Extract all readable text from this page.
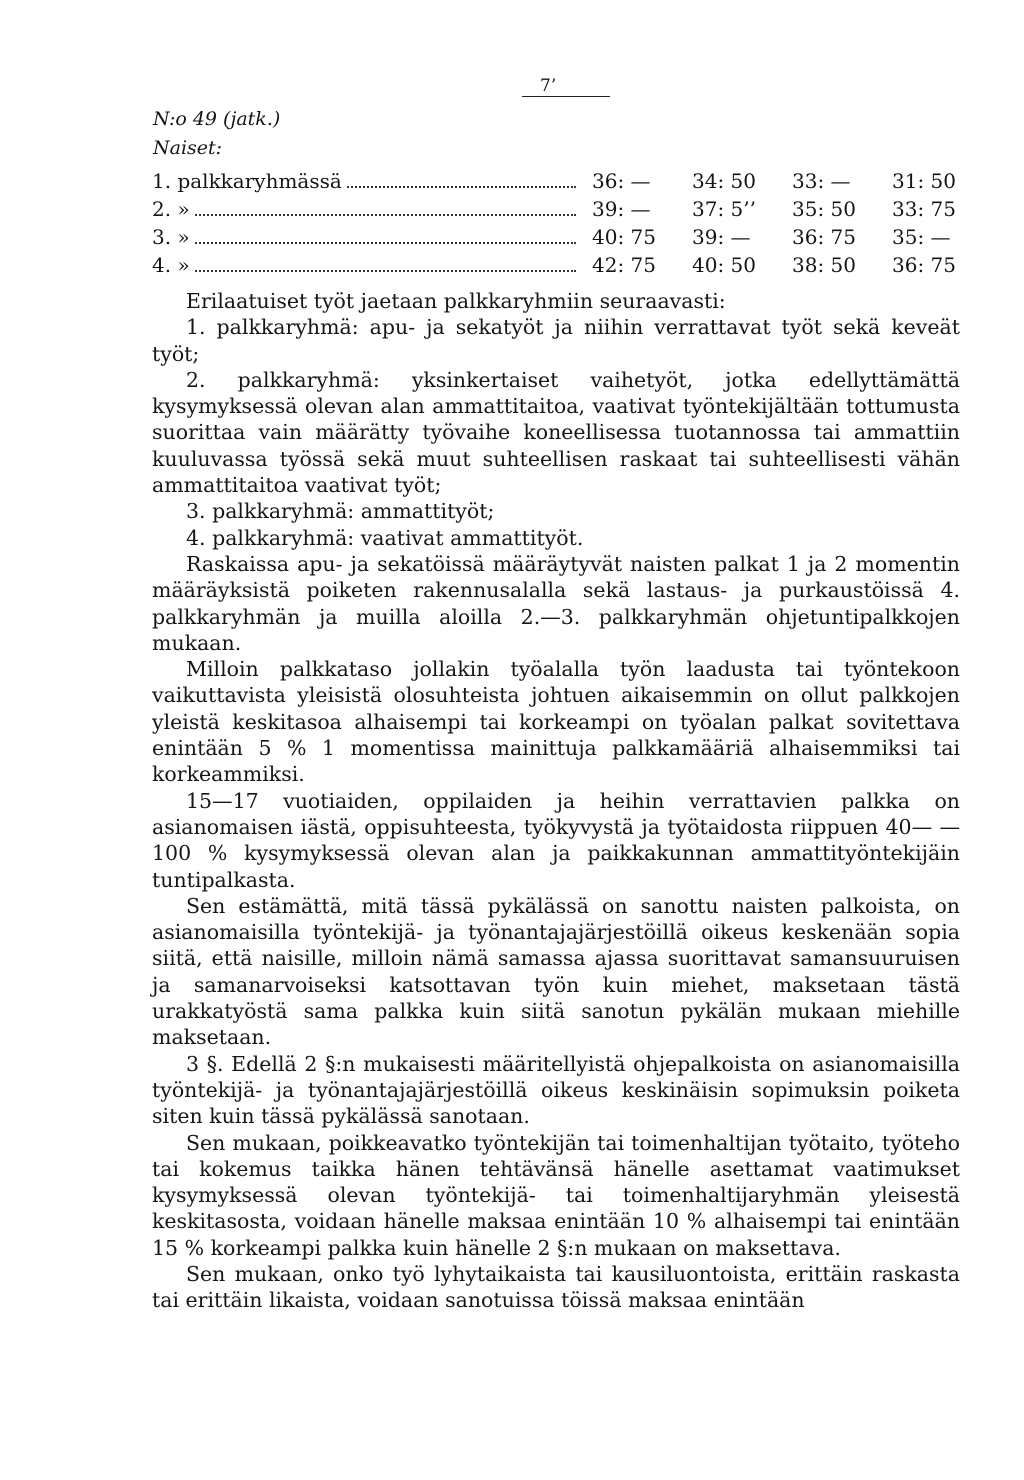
7’
N:o 49 (jatk.)
Naiset:
1. palkkaryhmässä	36: —	34: 50	33: —	31: 50
2. »	39: —	37: 5’’	35: 50	33: 75
3. »	40: 75	39: —	36: 75	35: —
4. »	42: 75	40: 50	38: 50	36: 75

Erilaatuiset työt jaetaan palkkaryhmiin seuraavasti:

1. palkkaryhmä: apu- ja sekatyöt ja niihin verrattavat työt sekä keveät työt;

2. palkkaryhmä: yksinkertaiset vaihetyöt, jotka edellyttämättä kysymyksessä olevan alan ammattitaitoa, vaativat työntekijältään tottumusta suorittaa vain määrätty työvaihe koneellisessa tuotannossa tai ammattiin kuuluvassa työssä sekä muut suhteellisen raskaat tai suhteellisesti vähän ammattitaitoa vaativat työt;

3. palkkaryhmä: ammattityöt;

4. palkkaryhmä: vaativat ammattityöt.

Raskaissa apu- ja sekatöissä määräytyvät naisten palkat 1 ja 2 momentin määräyksistä poiketen rakennusalalla sekä lastaus- ja purkaustöissä 4. palkkaryhmän ja muilla aloilla 2.—3. palkkaryhmän ohjetuntipalkkojen mukaan.

Milloin palkkataso jollakin työalalla työn laadusta tai työntekoon vaikuttavista yleisistä olosuhteista johtuen aikaisemmin on ollut palkkojen yleistä keskitasoa alhaisempi tai korkeampi on työalan palkat sovitettava enintään 5 % 1 momentissa mainittuja palkkamääriä alhaisemmiksi tai korkeammiksi.

15—17 vuotiaiden, oppilaiden ja heihin verrattavien palkka on asianomaisen iästä, oppisuhteesta, työkyvystä ja työtaidosta riippuen 40— —100 % kysymyksessä olevan alan ja paikkakunnan ammattityöntekijäin tuntipalkasta.

Sen estämättä, mitä tässä pykälässä on sanottu naisten palkoista, on asianomaisilla työntekijä- ja työnantajajärjestöillä oikeus keskenään sopia siitä, että naisille, milloin nämä samassa ajassa suorittavat samansuuruisen ja samanarvoiseksi katsottavan työn kuin miehet, maksetaan tästä urakkatyöstä sama palkka kuin siitä sanotun pykälän mukaan miehille maksetaan.

3 §. Edellä 2 §:n mukaisesti määritellyistä ohjepalkoista on asianomaisilla työntekijä- ja työnantajajärjestöillä oikeus keskinäisin sopimuksin poiketa siten kuin tässä pykälässä sanotaan.

Sen mukaan, poikkeavatko työntekijän tai toimenhaltijan työtaito, työteho tai kokemus taikka hänen tehtävänsä hänelle asettamat vaatimukset kysymyksessä olevan työntekijä- tai toimenhaltijaryhmän yleisestä keskitasosta, voidaan hänelle maksaa enintään 10 % alhaisempi tai enintään 15 % korkeampi palkka kuin hänelle 2 §:n mukaan on maksettava.

Sen mukaan, onko työ lyhytaikaista tai kausiluontoista, erittäin raskasta tai erittäin likaista, voidaan sanotuissa töissä maksaa enintään
